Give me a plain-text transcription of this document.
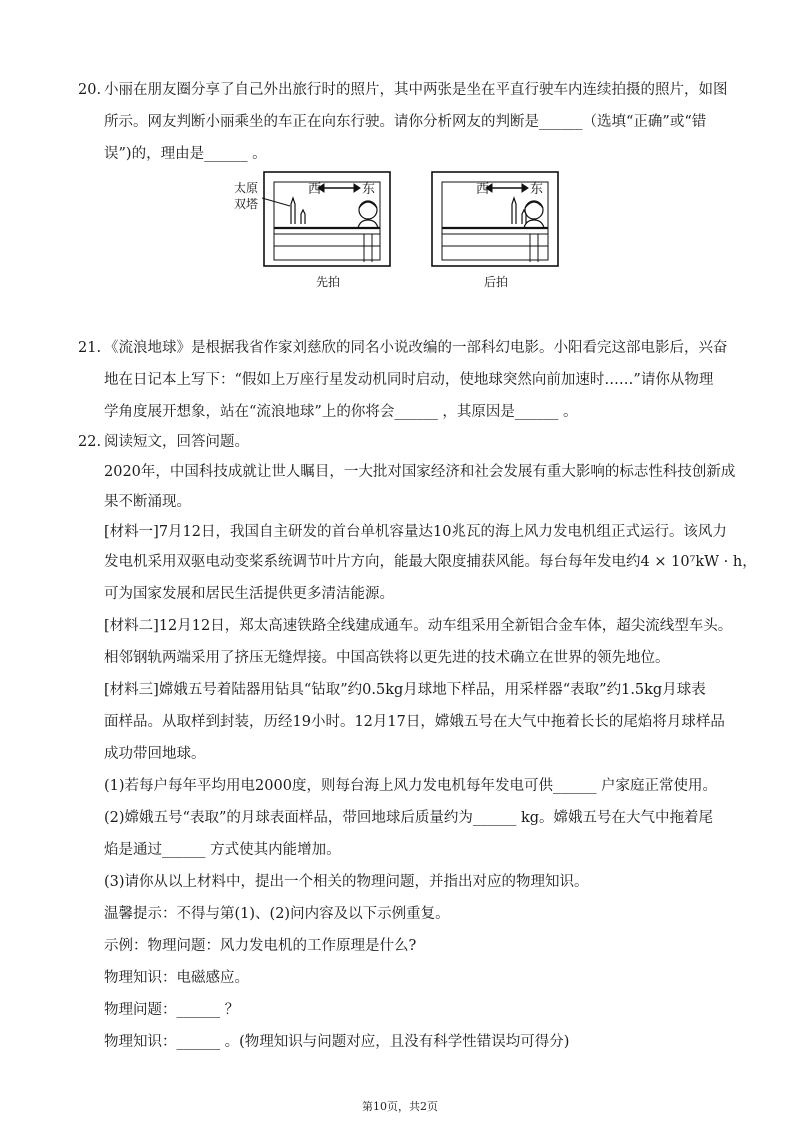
20. 小丽在朋友圈分享了自己外出旅行时的照片，其中两张是坐在平直行驶车内连续拍摄的照片，如图
所示。网友判断小丽乘坐的车正在向东行驶。请你分析网友的判断是______（选填“正确”或“错
误”)的，理由是______ 。
太原
双塔
西	东	西	东
先拍	后拍
21. 《流浪地球》是根据我省作家刘慈欣的同名小说改编的一部科幻电影。小阳看完这部电影后，兴奋
地在日记本上写下：“假如上万座行星发动机同时启动，使地球突然向前加速时……”请你从物理
学角度展开想象，站在“流浪地球”上的你将会______ ，其原因是______ 。
22. 阅读短文，回答问题。
2020年，中国科技成就让世人瞩目，一大批对国家经济和社会发展有重大影响的标志性科技创新成
果不断涌现。
[材料一]7月12日，我国自主研发的首台单机容量达10兆瓦的海上风力发电机组正式运行。该风力
发电机采用双驱电动变桨系统调节叶片方向，能最大限度捕获风能。每台每年发电约4 × 10⁷kW · h，
可为国家发展和居民生活提供更多清洁能源。
[材料二]12月12日，郑太高速铁路全线建成通车。动车组采用全新铝合金车体，超尖流线型车头。
相邻钢轨两端采用了挤压无缝焊接。中国高铁将以更先进的技术确立在世界的领先地位。
[材料三]嫦娥五号着陆器用钻具“钻取”约0.5kg月球地下样品，用采样器“表取”约1.5kg月球表
面样品。从取样到封装，历经19小时。12月17日，嫦娥五号在大气中拖着长长的尾焰将月球样品
成功带回地球。
(1)若每户每年平均用电2000度，则每台海上风力发电机每年发电可供______ 户家庭正常使用。
(2)嫦娥五号“表取”的月球表面样品，带回地球后质量约为______ kg。嫦娥五号在大气中拖着尾
焰是通过______ 方式使其内能增加。
(3)请你从以上材料中，提出一个相关的物理问题，并指出对应的物理知识。
温馨提示：不得与第(1)、(2)问内容及以下示例重复。
示例：物理问题：风力发电机的工作原理是什么?
物理知识：电磁感应。
物理问题：______ ？
物理知识：______ 。(物理知识与问题对应，且没有科学性错误均可得分)
第10页，共2页
